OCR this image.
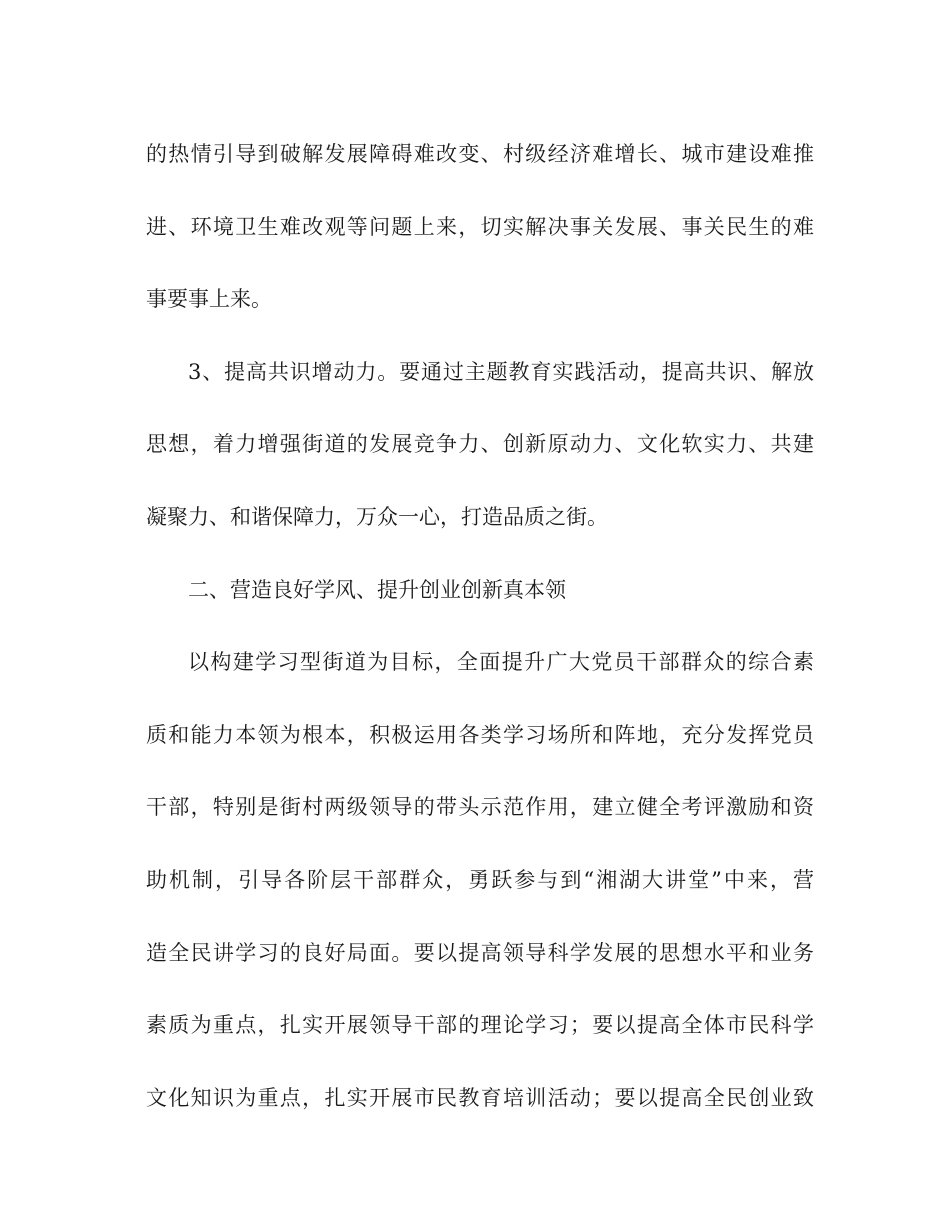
的热情引导到破解发展障碍难改变、村级经济难增长、城市建设难推
进、环境卫生难改观等问题上来，切实解决事关发展、事关民生的难
事要事上来。
3、提高共识增动力。要通过主题教育实践活动，提高共识、解放
思想，着力增强街道的发展竞争力、创新原动力、文化软实力、共建
凝聚力、和谐保障力，万众一心，打造品质之街。
二、营造良好学风、提升创业创新真本领
以构建学习型街道为目标，全面提升广大党员干部群众的综合素
质和能力本领为根本，积极运用各类学习场所和阵地，充分发挥党员
干部，特别是街村两级领导的带头示范作用，建立健全考评激励和资
助机制，引导各阶层干部群众，勇跃参与到“湘湖大讲堂”中来，营
造全民讲学习的良好局面。要以提高领导科学发展的思想水平和业务
素质为重点，扎实开展领导干部的理论学习；要以提高全体市民科学
文化知识为重点，扎实开展市民教育培训活动；要以提高全民创业致
